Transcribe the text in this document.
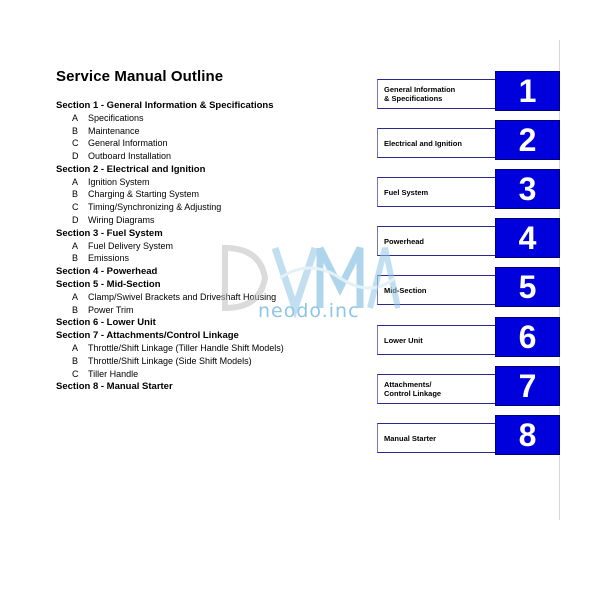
Service Manual Outline
Section 1 - General Information & Specifications
A Specifications
B Maintenance
C General Information
D Outboard Installation
Section 2 - Electrical and Ignition
A Ignition System
B Charging & Starting System
C Timing/Synchronizing & Adjusting
D Wiring Diagrams
Section 3 - Fuel System
A Fuel Delivery System
B Emissions
Section 4 - Powerhead
Section 5 - Mid-Section
A Clamp/Swivel Brackets and Driveshaft Housing
B Power Trim
Section 6 - Lower Unit
Section 7 - Attachments/Control Linkage
A Throttle/Shift Linkage (Tiller Handle Shift Models)
B Throttle/Shift Linkage (Side Shift Models)
C Tiller Handle
Section 8 - Manual Starter
General Information
& Specifications	1
Electrical and Ignition 2
Fuel System	3
Powerhead	4
Mid-Section	5
Lower Unit	6
Attachments/
Control Linkage 7
Manual Starter	8
neodo.inc
